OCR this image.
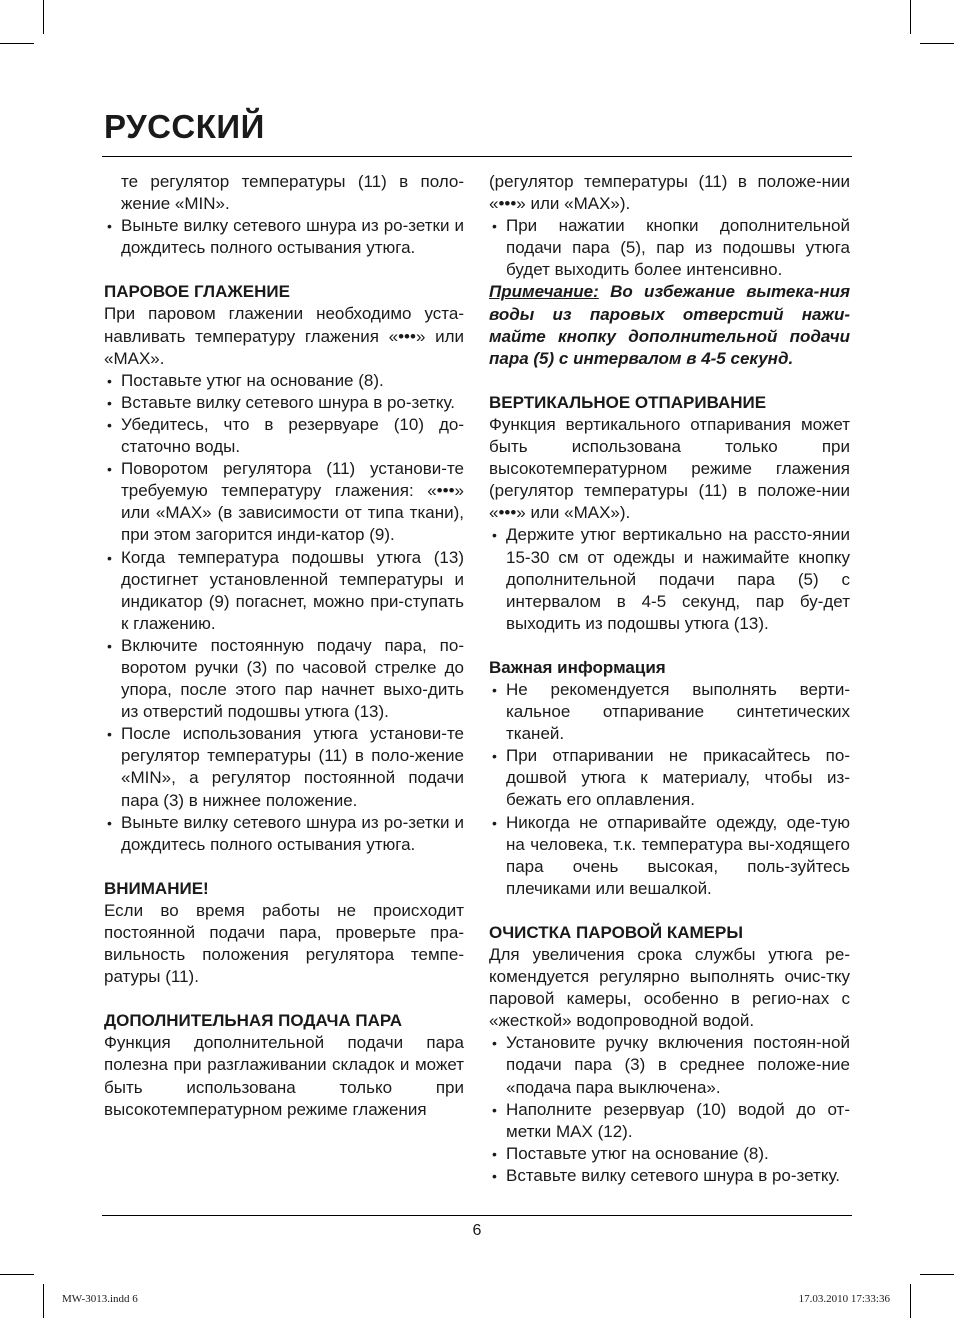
РУССКИЙ

те регулятор температуры (11) в поло-жение «MIN».

• Выньте вилку сетевого шнура из ро-зетки и дождитесь полного остывания утюга.

ПАРОВОЕ ГЛАЖЕНИЕ

При паровом глажении необходимо уста-навливать температуру глажения «•••» или «MAX».

• Поставьте утюг на основание (8).
• Вставьте вилку сетевого шнура в ро-зетку.
• Убедитесь, что в резервуаре (10) до-статочно воды.
• Поворотом регулятора (11) установи-те требуемую температуру глажения: «•••» или «MAX» (в зависимости от типа ткани), при этом загорится инди-катор (9).
• Когда температура подошвы утюга (13) достигнет установленной температуры и индикатор (9) погаснет, можно при-ступать к глажению.
• Включите постоянную подачу пара, по-воротом ручки (3) по часовой стрелке до упора, после этого пар начнет выхо-дить из отверстий подошвы утюга (13).
• После использования утюга установи-те регулятор температуры (11) в поло-жение «MIN», а регулятор постоянной подачи пара (3) в нижнее положение.
• Выньте вилку сетевого шнура из ро-зетки и дождитесь полного остывания утюга.

ВНИМАНИЕ!

Если во время работы не происходит постоянной подачи пара, проверьте пра-вильность положения регулятора темпе-ратуры (11).

ДОПОЛНИТЕЛЬНАЯ ПОДАЧА ПАРА

Функция дополнительной подачи пара полезна при разглаживании складок и может быть использована только при высокотемпературном режиме глажения

(регулятор температуры (11) в положе-нии «•••» или «MAX»).

• При нажатии кнопки дополнительной подачи пара (5), пар из подошвы утюга будет выходить более интенсивно.

Примечание: Во избежание вытека-ния воды из паровых отверстий нажи-майте кнопку дополнительной подачи пара (5) с интервалом в 4-5 секунд.

ВЕРТИКАЛЬНОЕ ОТПАРИВАНИЕ

Функция вертикального отпаривания может быть использована только при высокотемпературном режиме глажения (регулятор температуры (11) в положе-нии «•••» или «MAX»).

• Держите утюг вертикально на рассто-янии 15-30 см от одежды и нажимайте кнопку дополнительной подачи пара (5) с интервалом в 4-5 секунд, пар бу-дет выходить из подошвы утюга (13).

Важная информация

• Не рекомендуется выполнять верти-кальное отпаривание синтетических тканей.
• При отпаривании не прикасайтесь по-дошвой утюга к материалу, чтобы из-бежать его оплавления.
• Никогда не отпаривайте одежду, оде-тую на человека, т.к. температура вы-ходящего пара очень высокая, поль-зуйтесь плечиками или вешалкой.

ОЧИСТКА ПАРОВОЙ КАМЕРЫ

Для увеличения срока службы утюга ре-комендуется регулярно выполнять очис-тку паровой камеры, особенно в регио-нах с «жесткой» водопроводной водой.

• Установите ручку включения постоян-ной подачи пара (3) в среднее положе-ние «подача пара выключена».
• Наполните резервуар (10) водой до от-метки MAX (12).
• Поставьте утюг на основание (8).
• Вставьте вилку сетевого шнура в ро-зетку.
6
MW-3013.indd 6	17.03.2010 17:33:36
